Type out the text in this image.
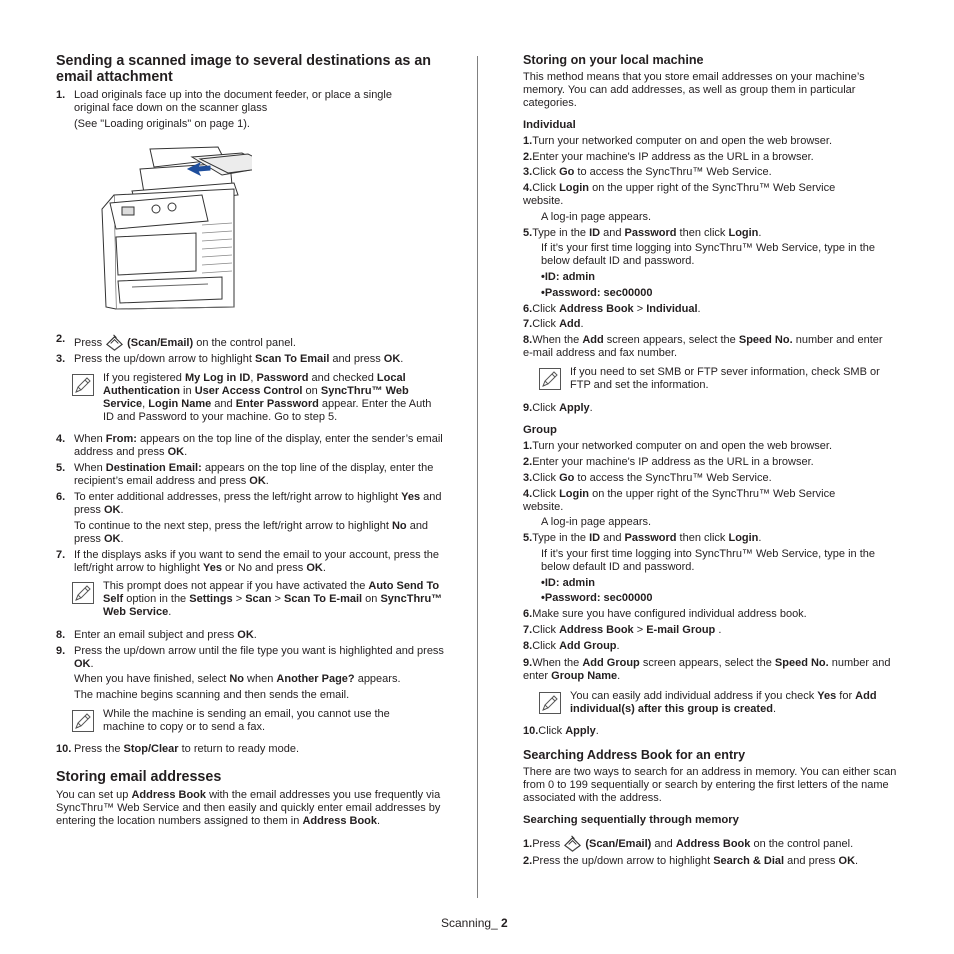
Sending a scanned image to several destinations as an email attachment
1. Load originals face up into the document feeder, or place a single original face down on the scanner glass

(See "Loading originals" on page 1).

2. Press (Scan/Email) on the control panel.

3. Press the up/down arrow to highlight Scan To Email and press OK.

If you registered My Log in ID, Password and checked Local Authentication in User Access Control on SyncThru™ Web Service, Login Name and Enter Password appear. Enter the Auth ID and Password to your machine. Go to step 5.

4. When From: appears on the top line of the display, enter the sender’s email address and press OK.

5. When Destination Email: appears on the top line of the display, enter the recipient’s email address and press OK.

6. To enter additional addresses, press the left/right arrow to highlight Yes and press OK.

To continue to the next step, press the left/right arrow to highlight No and press OK.

7. If the displays asks if you want to send the email to your account, press the left/right arrow to highlight Yes or No and press OK.

This prompt does not appear if you have activated the Auto Send To Self option in the Settings > Scan > Scan To E-mail on SyncThru™ Web Service.

8. Enter an email subject and press OK.

9. Press the up/down arrow until the file type you want is highlighted and press OK.

When you have finished, select No when Another Page? appears.

The machine begins scanning and then sends the email.

While the machine is sending an email, you cannot use the machine to copy or to send a fax.

10. Press the Stop/Clear to return to ready mode.

Storing email addresses

You can set up Address Book with the email addresses you use frequently via SyncThru™ Web Service and then easily and quickly enter email addresses by entering the location numbers assigned to them in Address Book.

Storing on your local machine

This method means that you store email addresses on your machine’s memory. You can add addresses, as well as group them in particular categories.

Individual

1.Turn your networked computer on and open the web browser.

2.Enter your machine's IP address as the URL in a browser.

3.Click Go to access the SyncThru™ Web Service.

4.Click Login on the upper right of the SyncThru™ Web Service website.

A log-in page appears.

5.Type in the ID and Password then click Login.

If it’s your first time logging into SyncThru™ Web Service, type in the below default ID and password.

•ID: admin

•Password: sec00000

6.Click Address Book > Individual.

7.Click Add.

8.When the Add screen appears, select the Speed No. number and enter e-mail address and fax number.

If you need to set SMB or FTP sever information, check SMB or FTP and set the information.

9.Click Apply.

Group

1.Turn your networked computer on and open the web browser.

2.Enter your machine's IP address as the URL in a browser.

3.Click Go to access the SyncThru™ Web Service.

4.Click Login on the upper right of the SyncThru™ Web Service website.

A log-in page appears.

5.Type in the ID and Password then click Login.

If it’s your first time logging into SyncThru™ Web Service, type in the below default ID and password.

•ID: admin

•Password: sec00000

6.Make sure you have configured individual address book.

7.Click Address Book > E-mail Group .

8.Click Add Group.

9.When the Add Group screen appears, select the Speed No. number and enter Group Name.

You can easily add individual address if you check Yes for Add individual(s) after this group is created.

10.Click Apply.

Searching Address Book for an entry

There are two ways to search for an address in memory. You can either scan from 0 to 199 sequentially or search by entering the first letters of the name associated with the address.

Searching sequentially through memory

1.Press (Scan/Email) and Address Book on the control panel.

2.Press the up/down arrow to highlight Search & Dial and press OK.

Scanning_ 2
